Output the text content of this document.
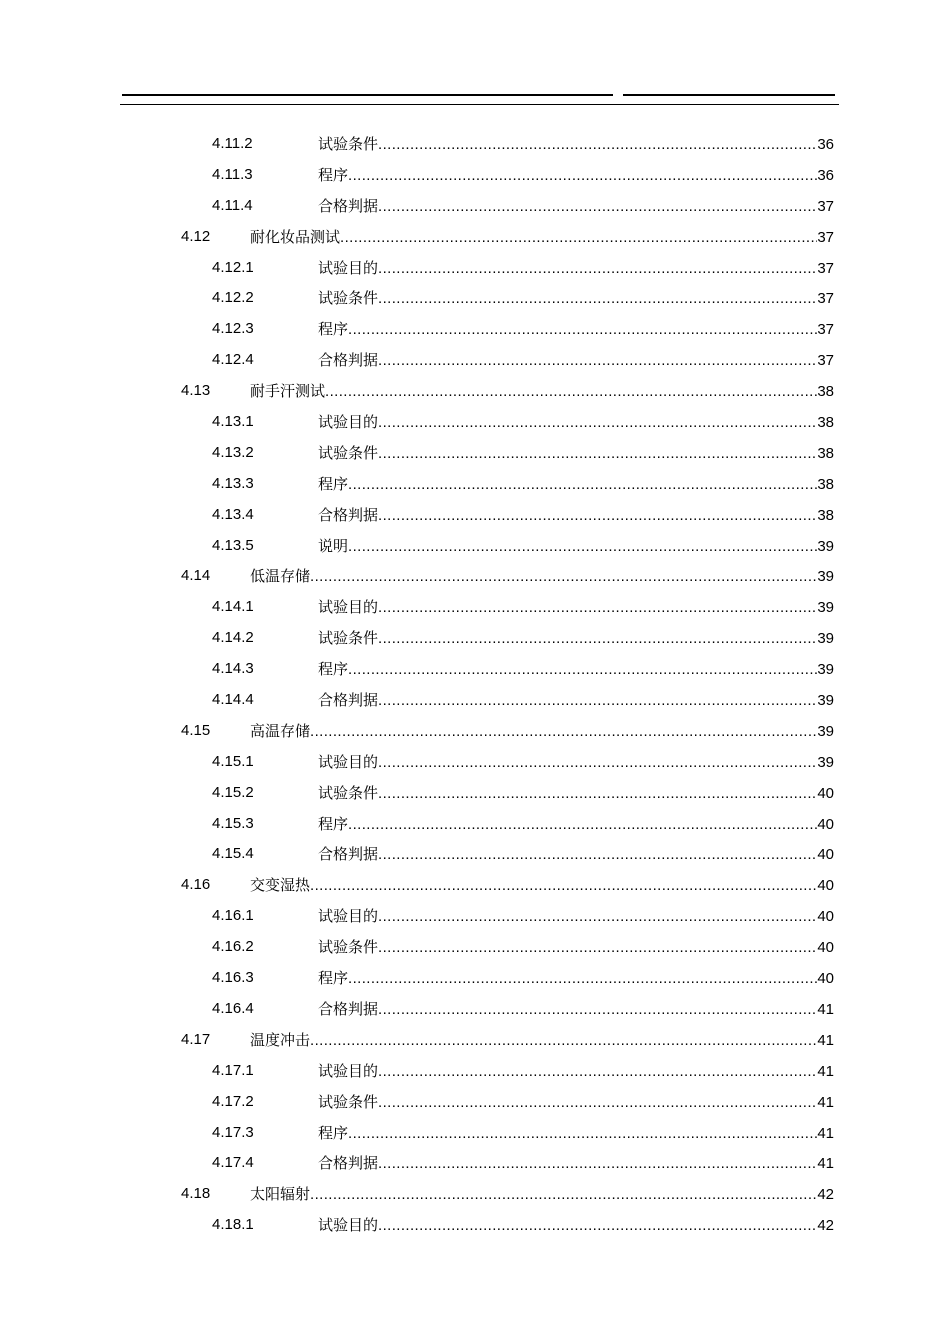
4.11.2	试验条件 .....	36
4.11.3	程序 .....	36
4.11.4	合格判据 .....	37
4.12	耐化妆品测试 .....	37
4.12.1	试验目的 .....	37
4.12.2	试验条件 .....	37
4.12.3	程序 .....	37
4.12.4	合格判据 .....	37
4.13	耐手汗测试 .....	38
4.13.1	试验目的 .....	38
4.13.2	试验条件 .....	38
4.13.3	程序 .....	38
4.13.4	合格判据 .....	38
4.13.5	说明 .....	39
4.14	低温存储 .....	39
4.14.1	试验目的 .....	39
4.14.2	试验条件 .....	39
4.14.3	程序 .....	39
4.14.4	合格判据 .....	39
4.15	高温存储 .....	39
4.15.1	试验目的 .....	39
4.15.2	试验条件 .....	40
4.15.3	程序 .....	40
4.15.4	合格判据 .....	40
4.16	交变湿热 .....	40
4.16.1	试验目的 .....	40
4.16.2	试验条件 .....	40
4.16.3	程序 .....	40
4.16.4	合格判据 .....	41
4.17	温度冲击 .....	41
4.17.1	试验目的 .....	41
4.17.2	试验条件 .....	41
4.17.3	程序 .....	41
4.17.4	合格判据 .....	41
4.18	太阳辐射 .....	42
4.18.1	试验目的 .....	42
